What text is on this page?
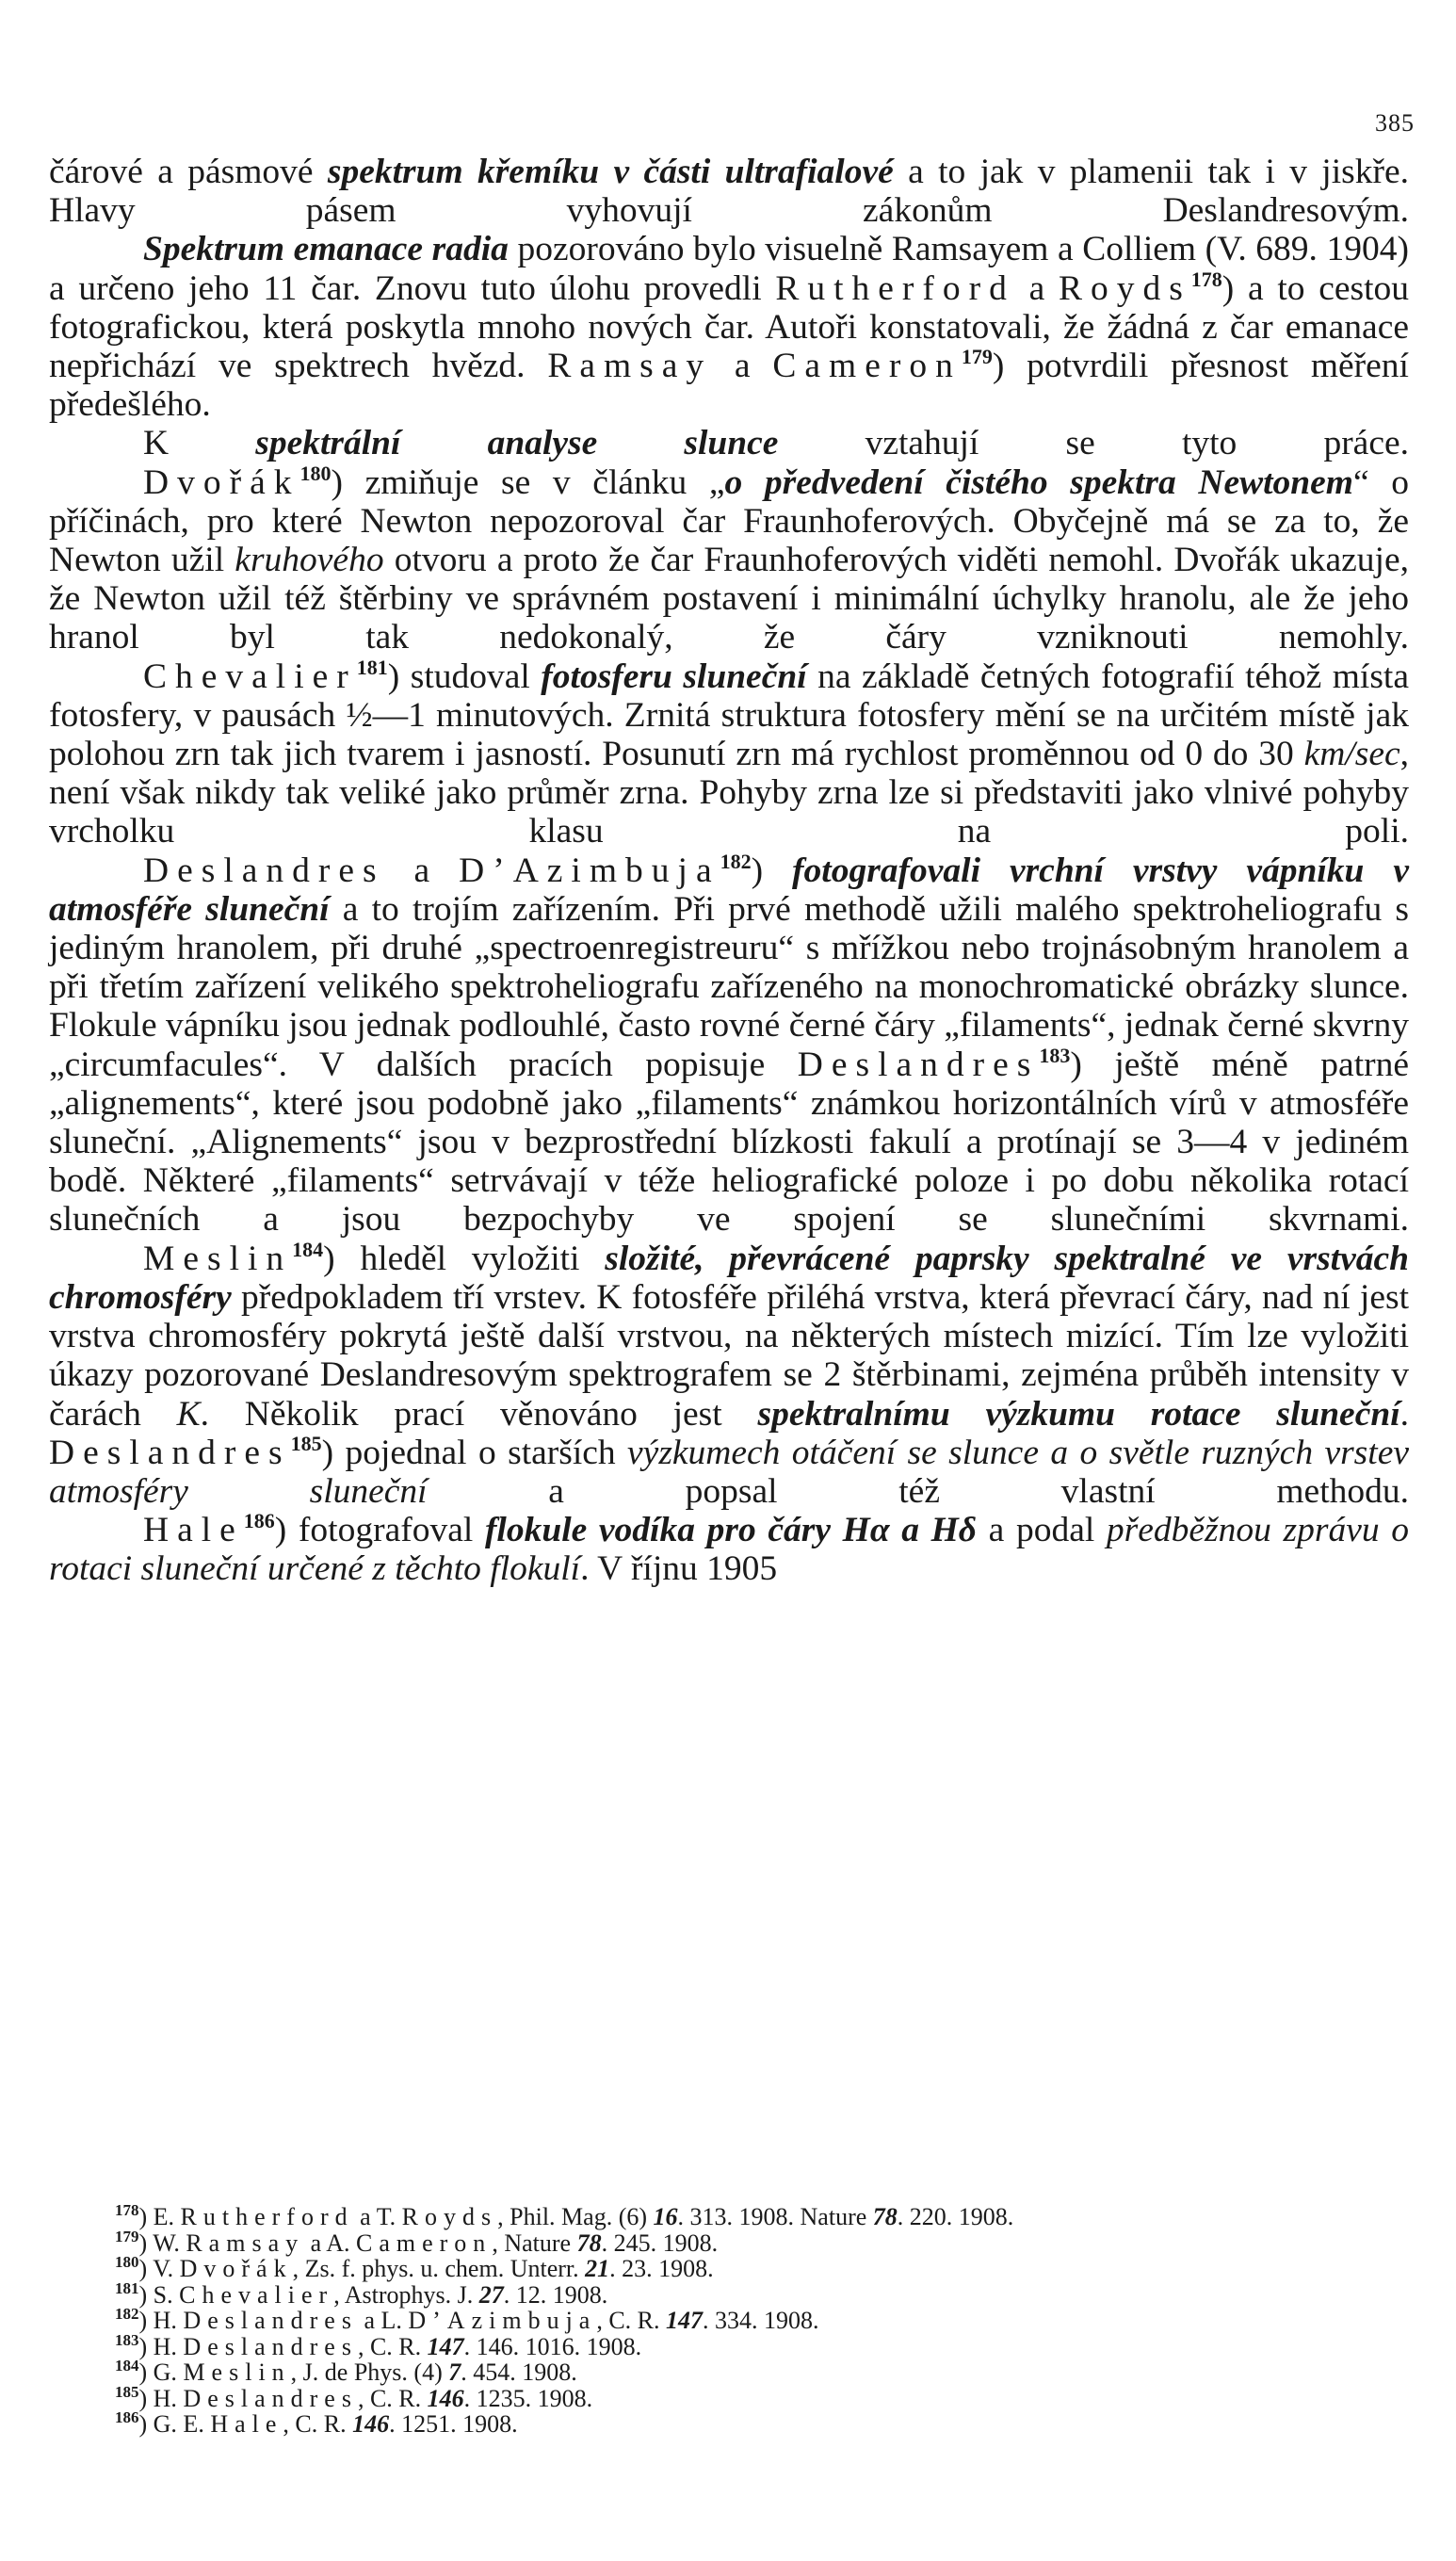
385

čárové a pásmové spektrum křemíku v části ultrafialové a to jak v plamenii tak i v jiskře. Hlavy pásem vyhovují zákonům Deslandresovým.

Spektrum emanace radia pozorováno bylo visuelně Ramsayem a Colliem (V. 689. 1904) a určeno jeho 11 čar. Znovu tuto úlohu provedli Rutherford a Royds$^{178}$) a to cestou fotografickou, která poskytla mnoho nových čar. Autoři konstatovali, že žádná z čar emanace nepřichází ve spektrech hvězd. Ramsay a Cameron$^{179}$) potvrdili přesnost měření předešlého.

K spektrální analyse slunce vztahují se tyto práce.

Dvořák$^{180}$) zmiňuje se v článku „o předvedení čistého spektra Newtonem“ o příčinách, pro které Newton nepozoroval čar Fraunhoferových. Obyčejně má se za to, že Newton užil kruhového otvoru a proto že čar Fraunhoferových viděti nemohl. Dvořák ukazuje, že Newton užil též štěrbiny ve správném postavení i minimální úchylky hranolu, ale že jeho hranol byl tak nedokonalý, že čáry vzniknouti nemohly.

Chevalier$^{181}$) studoval fotosferu sluneční na základě četných fotografií téhož místa fotosfery, v pausách ½—1 minutových. Zrnitá struktura fotosfery mění se na určitém místě jak polohou zrn tak jich tvarem i jasností. Posunutí zrn má rychlost proměnnou od 0 do 30 km/sec, není však nikdy tak veliké jako průměr zrna. Pohyby zrna lze si představiti jako vlnivé pohyby vrcholku klasu na poli.

Deslandres a D’Azimbuja$^{182}$) fotografovali vrchní vrstvy vápníku v atmosféře sluneční a to trojím zařízením. Při prvé methodě užili malého spektroheliografu s jediným hranolem, při druhé „spectroenregistreuru“ s mřížkou nebo trojnásobným hranolem a při třetím zařízení velikého spektroheliografu zařízeného na monochromatické obrázky slunce. Flokule vápníku jsou jednak podlouhlé, často rovné černé čáry „filaments“, jednak černé skvrny „circumfacules“. V dalších pracích popisuje Deslandres$^{183}$) ještě méně patrné „alignements“, které jsou podobně jako „filaments“ známkou horizontálních vírů v atmosféře sluneční. „Alignements“ jsou v bezprostřední blízkosti fakulí a protínají se 3—4 v jediném bodě. Některé „filaments“ setrvávají v téže heliografické poloze i po dobu několika rotací slunečních a jsou bezpochyby ve spojení se slunečními skvrnami.

Meslin$^{184}$) hleděl vyložiti složité, převrácené paprsky spektralné ve vrstvách chromosféry předpokladem tří vrstev. K fotosféře přiléhá vrstva, která převrací čáry, nad ní jest vrstva chromosféry pokrytá ještě další vrstvou, na některých místech mizící. Tím lze vyložiti úkazy pozorované Deslandresovým spektrografem se 2 štěrbinami, zejména průběh intensity v čarách K. Několik prací věnováno jest spektralnímu výzkumu rotace sluneční. Deslandres$^{185}$) pojednal o starších výzkumech otáčení se slunce a o světle ruzných vrstev atmosféry sluneční a popsal též vlastní methodu.

Hale$^{186}$) fotografoval flokule vodíka pro čáry Hα a Hδ a podal předběžnou zprávu o rotaci sluneční určené z těchto flokulí. V říjnu 1905

$^{178}$) E. Rutherford a T. Royds, Phil. Mag. (6) 16. 313. 1908. Nature 78. 220. 1908.

$^{179}$) W. Ramsay a A. Cameron, Nature 78. 245. 1908.

$^{180}$) V. Dvořák, Zs. f. phys. u. chem. Unterr. 21. 23. 1908.

$^{181}$) S. Chevalier, Astrophys. J. 27. 12. 1908.

$^{182}$) H. Deslandres a L. D’Azimbuja, C. R. 147. 334. 1908.

$^{183}$) H. Deslandres, C. R. 147. 146. 1016. 1908.

$^{184}$) G. Meslin, J. de Phys. (4) 7. 454. 1908.

$^{185}$) H. Deslandres, C. R. 146. 1235. 1908.

$^{186}$) G. E. Hale, C. R. 146. 1251. 1908.
